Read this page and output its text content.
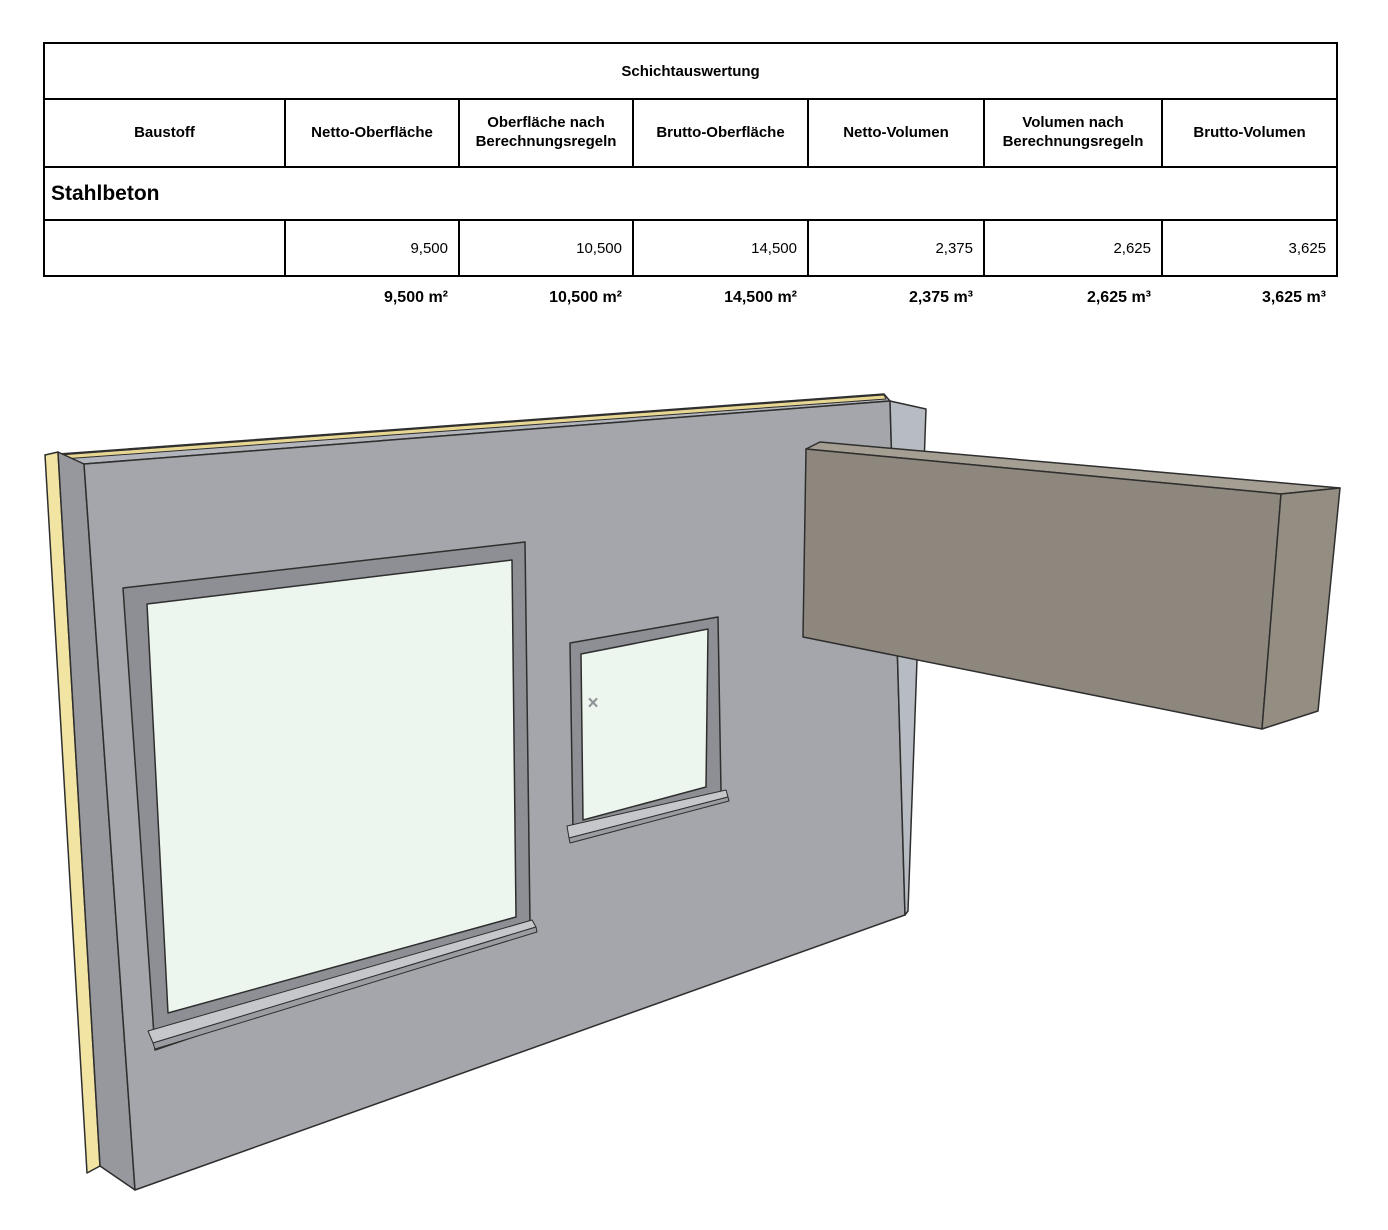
×
Schichtauswertung						
Baustoff	Netto-Oberfläche	Oberfläche nach Berechnungsregeln	Brutto-Oberfläche	Netto-Volumen	Volumen nach Berechnungsregeln	Brutto-Volumen
Stahlbeton						
	9,500	10,500	14,500	2,375	2,625	3,625
9,500 m²	10,500 m²	14,500 m²	2,375 m³	2,625 m³	3,625 m³
